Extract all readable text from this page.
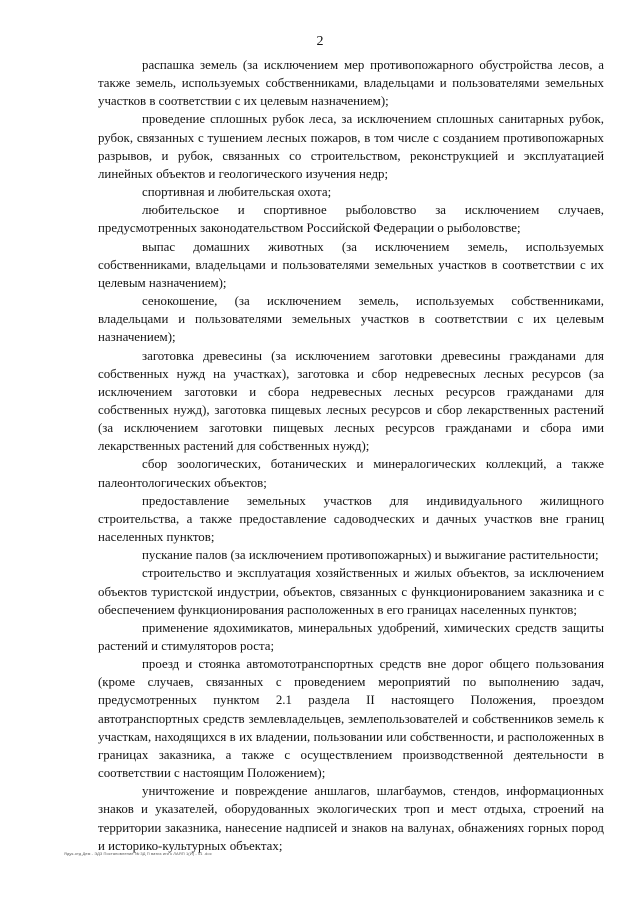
2

распашка земель (за исключением мер противопожарного обустройства лесов, а также земель, используемых собственниками, владельцами и пользователями земельных участков в соответствии с их целевым назначением);

проведение сплошных рубок леса, за исключением сплошных санитарных рубок, рубок, связанных с тушением лесных пожаров, в том числе с созданием противопожарных разрывов, и рубок, связанных со строительством, реконструкцией и эксплуатацией линейных объектов и геологического изучения недр;

спортивная и любительская охота;

любительское и спортивное рыболовство за исключением случаев, предусмотренных законодательством Российской Федерации о рыболовстве;

выпас домашних животных (за исключением земель, используемых собственниками, владельцами и пользователями земельных участков в соответствии с их целевым назначением);

сенокошение, (за исключением земель, используемых собственниками, владельцами и пользователями земельных участков в соответствии с их целевым назначением);

заготовка древесины (за исключением заготовки древесины гражданами для собственных нужд на участках), заготовка и сбор недревесных лесных ресурсов (за исключением заготовки и сбора недревесных лесных ресурсов гражданами для собственных нужд), заготовка пищевых лесных ресурсов и сбор лекарственных растений (за исключением заготовки пищевых лесных ресурсов гражданами и сбора ими лекарственных растений для собственных нужд);

сбор зоологических, ботанических и минералогических коллекций, а также палеонтологических объектов;

предоставление земельных участков для индивидуального жилищного строительства, а также предоставление садоводческих и дачных участков вне границ населенных пунктов;

пускание палов (за исключением противопожарных) и выжигание растительности;

строительство и эксплуатация хозяйственных и жилых объектов, за исключением объектов туристской индустрии, объектов, связанных с функционированием заказника и с обеспечением функционирования расположенных в его границах населенных пунктов;

применение ядохимикатов, минеральных удобрений, химических средств защиты растений и стимуляторов роста;

проезд и стоянка автомототранспортных средств вне дорог общего пользования (кроме случаев, связанных с проведением мероприятий по выполнению задач, предусмотренных пунктом 2.1 раздела II настоящего Положения, проездом автотранспортных средств землевладельцев, землепользователей и собственников земель к участкам, находящихся в их владении, пользовании или собственности, и расположенных в границах заказника, а также с осуществлением производственной деятельности в соответствии с настоящим Положением);

уничтожение и повреждение аншлагов, шлагбаумов, стендов, информационных знаков и указателей, оборудованных экологических троп и мест отдыха, строений на территории заказника, нанесение надписей и знаков на валунах, обнажениях горных пород и историко-культурных объектах;

Ядук-отд Дем - ЭД3 Постановление № 3Д П ватиз иги к ЛАЯП 1(И) - 01 .doc
